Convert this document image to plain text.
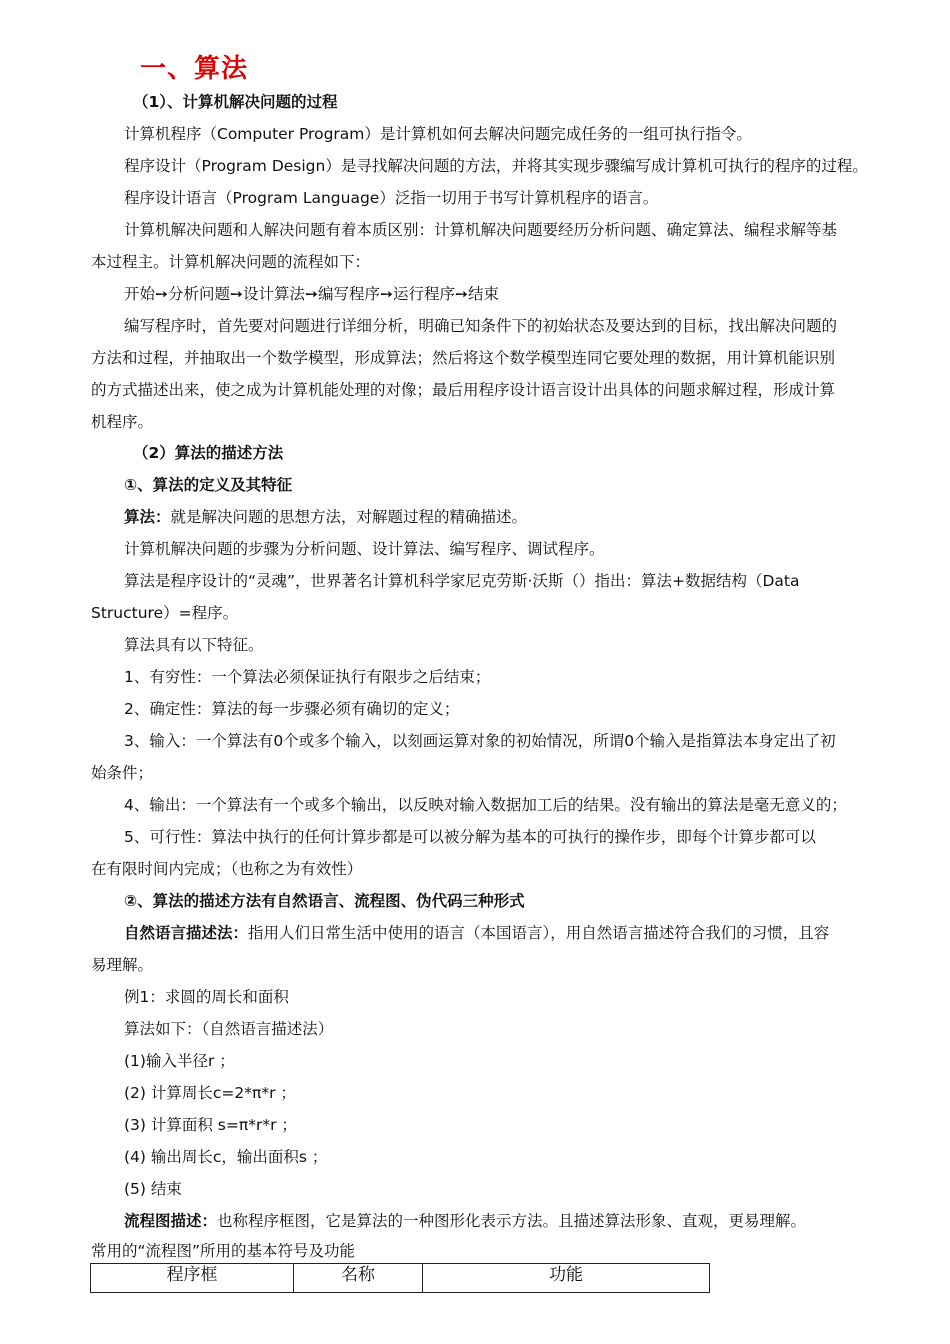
一、算法
（1）、计算机解决问题的过程
计算机程序（Computer Program）是计算机如何去解决问题完成任务的一组可执行指令。
程序设计（Program Design）是寻找解决问题的方法，并将其实现步骤编写成计算机可执行的程序的过程。
程序设计语言（Program Language）泛指一切用于书写计算机程序的语言。
计算机解决问题和人解决问题有着本质区别：计算机解决问题要经历分析问题、确定算法、编程求解等基
本过程主。计算机解决问题的流程如下：
开始➙分析问题➙设计算法➙编写程序➙运行程序➙结束
编写程序时，首先要对问题进行详细分析，明确已知条件下的初始状态及要达到的目标，找出解决问题的
方法和过程，并抽取出一个数学模型，形成算法；然后将这个数学模型连同它要处理的数据，用计算机能识别
的方式描述出来，使之成为计算机能处理的对像；最后用程序设计语言设计出具体的问题求解过程，形成计算
机程序。
（2）算法的描述方法
①、算法的定义及其特征
算法：就是解决问题的思想方法，对解题过程的精确描述。
计算机解决问题的步骤为分析问题、设计算法、编写程序、调试程序。
算法是程序设计的“灵魂”，世界著名计算机科学家尼克劳斯·沃斯（）指出：算法+数据结构（Data
Structure）=程序。
算法具有以下特征。
1、有穷性：一个算法必须保证执行有限步之后结束；
2、确定性：算法的每一步骤必须有确切的定义；
3、输入：一个算法有0个或多个输入，以刻画运算对象的初始情况，所谓0个输入是指算法本身定出了初
始条件；
4、输出：一个算法有一个或多个输出，以反映对输入数据加工后的结果。没有输出的算法是毫无意义的；
5、可行性：算法中执行的任何计算步都是可以被分解为基本的可执行的操作步，即每个计算步都可以
在有限时间内完成；（也称之为有效性）
②、算法的描述方法有自然语言、流程图、伪代码三种形式
自然语言描述法：指用人们日常生活中使用的语言（本国语言），用自然语言描述符合我们的习惯，且容
易理解。
例1：求圆的周长和面积
算法如下：（自然语言描述法）
(1)输入半径r ；
(2) 计算周长c=2*π*r ；
(3) 计算面积 s=π*r*r ；
(4) 输出周长c，输出面积s ；
(5) 结束
流程图描述：也称程序框图，它是算法的一种图形化表示方法。且描述算法形象、直观，更易理解。
常用的“流程图”所用的基本符号及功能
程序框	名称	功能
